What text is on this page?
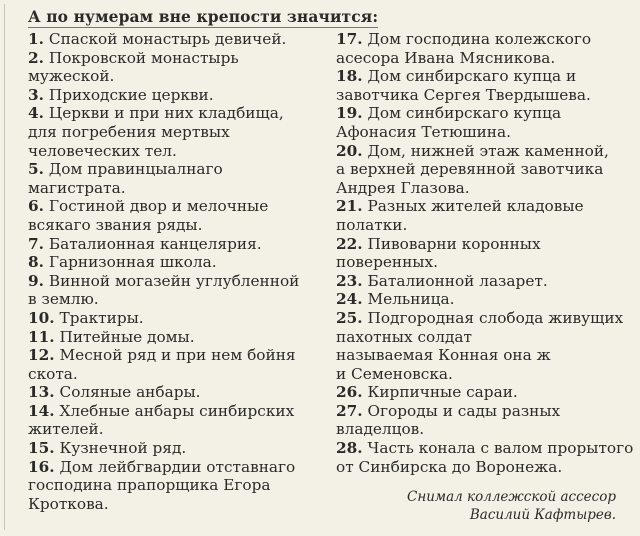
А по нумерам вне крепости значится:
1. Спаской монастырь девичей.
2. Покровской монастырь
мужеской.
3. Приходские церкви.
4. Церкви и при них кладбища,
для погребения мертвых
человеческих тел.
5. Дом правинцыалнаго
магистрата.
6. Гостиной двор и мелочные
всякаго звания ряды.
7. Баталионная канцелярия.
8. Гарнизонная школа.
9. Винной могазейн углубленной
в землю.
10. Трактиры.
11. Питейные домы.
12. Месной ряд и при нем бойня
скота.
13. Соляные анбары.
14. Хлебные анбары синбирских
жителей.
15. Кузнечной ряд.
16. Дом лейбгвардии отставнаго
господина прапорщика Егора
Кроткова.
17. Дом господина колежского
асесора Ивана Мясникова.
18. Дом синбирскаго купца и
завотчика Сергея Твердышева.
19. Дом синбирскаго купца
Афонасия Тетюшина.
20. Дом, нижней этаж каменной,
а верхней деревянной завотчика
Андрея Глазова.
21. Разных жителей кладовые
полатки.
22. Пивоварни коронных
поверенных.
23. Баталионной лазарет.
24. Мельница.
25. Подгородная слобода живущих
пахотных солдат
называемая Конная она ж
и Семеновска.
26. Кирпичные сараи.
27. Огороды и сады разных
владелцов.
28. Часть конала с валом прорытого
от Синбирска до Воронежа.
Снимал коллежской ассесор
Василий Кафтырев.
